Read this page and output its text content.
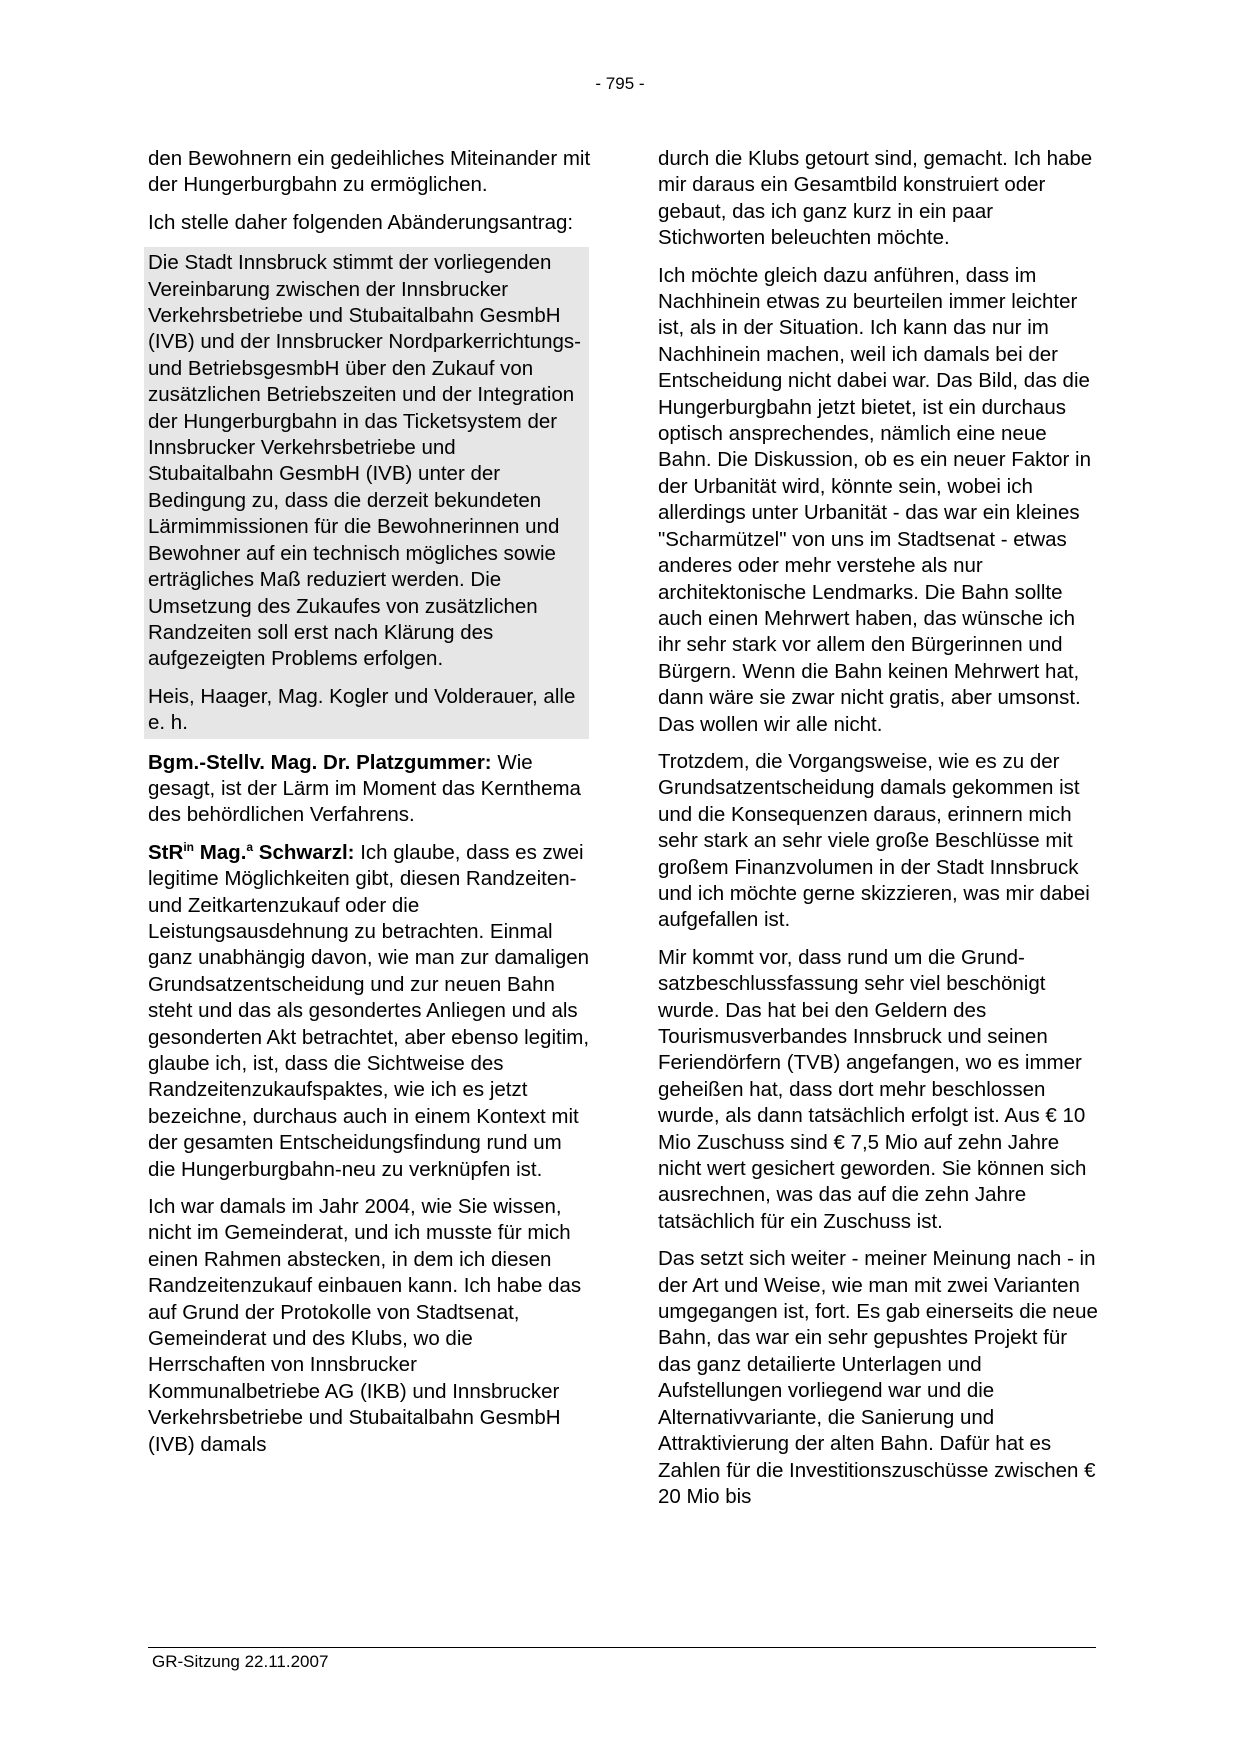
- 795 -

den Bewohnern ein gedeihliches Miteinander mit der Hungerburgbahn zu ermöglichen.

Ich stelle daher folgenden Abänderungsantrag:

Die Stadt Innsbruck stimmt der vorliegenden Vereinbarung zwischen der Innsbrucker Verkehrsbetriebe und Stubaitalbahn GesmbH (IVB) und der Innsbrucker Nordparkerrichtungs- und BetriebsgesmbH über den Zukauf von zusätzlichen Betriebszeiten und der Integration der Hungerburgbahn in das Ticketsystem der Innsbrucker Verkehrsbetriebe und Stubaitalbahn GesmbH (IVB) unter der Bedingung zu, dass die derzeit bekundeten Lärmimmissionen für die Bewohnerinnen und Bewohner auf ein technisch mögliches sowie erträgliches Maß reduziert werden. Die Umsetzung des Zukaufes von zusätzlichen Randzeiten soll erst nach Klärung des aufgezeigten Problems erfolgen.

Heis, Haager, Mag. Kogler und Volderauer, alle e. h.

Bgm.-Stellv. Mag. Dr. Platzgummer: Wie gesagt, ist der Lärm im Moment das Kernthema des behördlichen Verfahrens.

StR$^{in}$ Mag.$^a$ Schwarzl: Ich glaube, dass es zwei legitime Möglichkeiten gibt, diesen Randzeiten- und Zeitkartenzukauf oder die Leistungsausdehnung zu betrachten. Einmal ganz unabhängig davon, wie man zur damaligen Grundsatzentscheidung und zur neuen Bahn steht und das als gesondertes Anliegen und als gesonderten Akt betrachtet, aber ebenso legitim, glaube ich, ist, dass die Sichtweise des Randzeitenzukaufspaktes, wie ich es jetzt bezeichne, durchaus auch in einem Kontext mit der gesamten Entscheidungsfindung rund um die Hungerburgbahn-neu zu verknüpfen ist.

Ich war damals im Jahr 2004, wie Sie wissen, nicht im Gemeinderat, und ich musste für mich einen Rahmen abstecken, in dem ich diesen Randzeitenzukauf einbauen kann. Ich habe das auf Grund der Protokolle von Stadtsenat, Gemeinderat und des Klubs, wo die Herrschaften von Innsbrucker Kommunalbetriebe AG (IKB) und Innsbrucker Verkehrsbetriebe und Stubaitalbahn GesmbH (IVB) damals

durch die Klubs getourt sind, gemacht. Ich habe mir daraus ein Gesamtbild konstruiert oder gebaut, das ich ganz kurz in ein paar Stichworten beleuchten möchte.

Ich möchte gleich dazu anführen, dass im Nachhinein etwas zu beurteilen immer leichter ist, als in der Situation. Ich kann das nur im Nachhinein machen, weil ich damals bei der Entscheidung nicht dabei war. Das Bild, das die Hungerburgbahn jetzt bietet, ist ein durchaus optisch ansprechendes, nämlich eine neue Bahn. Die Diskussion, ob es ein neuer Faktor in der Urbanität wird, könnte sein, wobei ich allerdings unter Urbanität - das war ein kleines "Scharmützel" von uns im Stadtsenat - etwas anderes oder mehr verstehe als nur architektonische Lendmarks. Die Bahn sollte auch einen Mehrwert haben, das wünsche ich ihr sehr stark vor allem den Bürgerinnen und Bürgern. Wenn die Bahn keinen Mehrwert hat, dann wäre sie zwar nicht gratis, aber umsonst. Das wollen wir alle nicht.

Trotzdem, die Vorgangsweise, wie es zu der Grundsatzentscheidung damals gekommen ist und die Konsequenzen daraus, erinnern mich sehr stark an sehr viele große Beschlüsse mit großem Finanzvolumen in der Stadt Innsbruck und ich möchte gerne skizzieren, was mir dabei aufgefallen ist.

Mir kommt vor, dass rund um die Grundsatzbeschlussfassung sehr viel beschönigt wurde. Das hat bei den Geldern des Tourismusverbandes Innsbruck und seinen Feriendörfern (TVB) angefangen, wo es immer geheißen hat, dass dort mehr beschlossen wurde, als dann tatsächlich erfolgt ist. Aus € 10 Mio Zuschuss sind € 7,5 Mio auf zehn Jahre nicht wert gesichert geworden. Sie können sich ausrechnen, was das auf die zehn Jahre tatsächlich für ein Zuschuss ist.

Das setzt sich weiter - meiner Meinung nach - in der Art und Weise, wie man mit zwei Varianten umgegangen ist, fort. Es gab einerseits die neue Bahn, das war ein sehr gepushtes Projekt für das ganz detailierte Unterlagen und Aufstellungen vorliegend war und die Alternativvariante, die Sanierung und Attraktivierung der alten Bahn. Dafür hat es Zahlen für die Investitionszuschüsse zwischen € 20 Mio bis

GR-Sitzung 22.11.2007
